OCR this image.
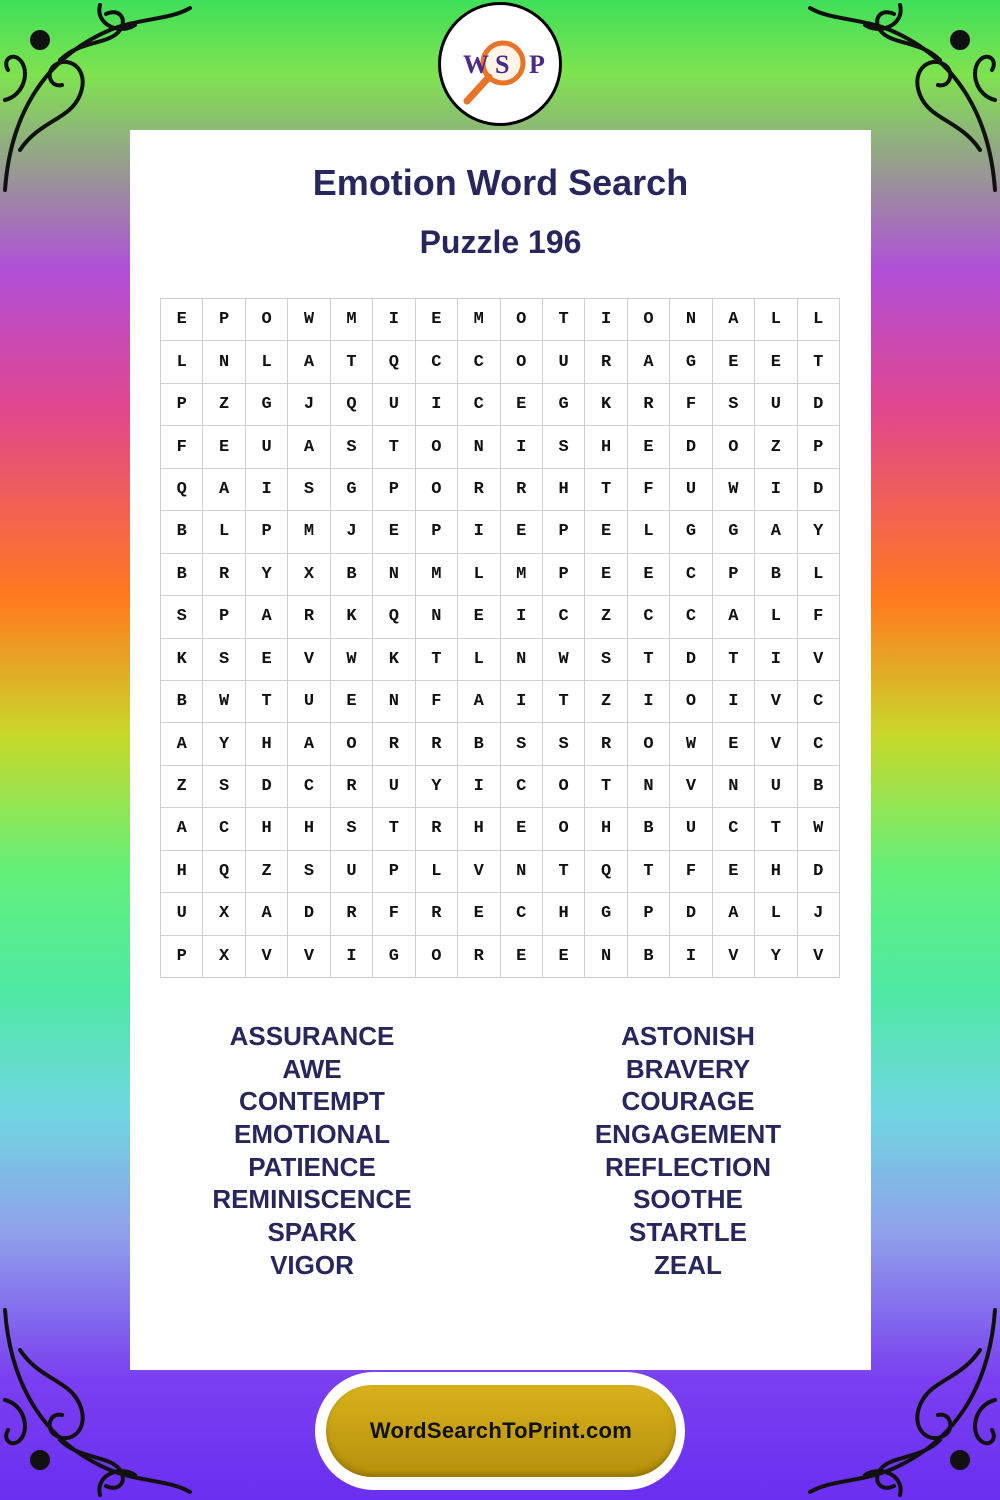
W S P
Emotion Word Search
Puzzle 196
E	P	O	W	M	I	E	M	O	T	I	O	N	A	L	L
L	N	L	A	T	Q	C	C	O	U	R	A	G	E	E	T
P	Z	G	J	Q	U	I	C	E	G	K	R	F	S	U	D
F	E	U	A	S	T	O	N	I	S	H	E	D	O	Z	P
Q	A	I	S	G	P	O	R	R	H	T	F	U	W	I	D
B	L	P	M	J	E	P	I	E	P	E	L	G	G	A	Y
B	R	Y	X	B	N	M	L	M	P	E	E	C	P	B	L
S	P	A	R	K	Q	N	E	I	C	Z	C	C	A	L	F
K	S	E	V	W	K	T	L	N	W	S	T	D	T	I	V
B	W	T	U	E	N	F	A	I	T	Z	I	O	I	V	C
A	Y	H	A	O	R	R	B	S	S	R	O	W	E	V	C
Z	S	D	C	R	U	Y	I	C	O	T	N	V	N	U	B
A	C	H	H	S	T	R	H	E	O	H	B	U	C	T	W
H	Q	Z	S	U	P	L	V	N	T	Q	T	F	E	H	D
U	X	A	D	R	F	R	E	C	H	G	P	D	A	L	J
P	X	V	V	I	G	O	R	E	E	N	B	I	V	Y	V
ASSURANCE
AWE
CONTEMPT
EMOTIONAL
PATIENCE
REMINISCENCE
SPARK
VIGOR
ASTONISH
BRAVERY
COURAGE
ENGAGEMENT
REFLECTION
SOOTHE
STARTLE
ZEAL
WordSearchToPrint.com
